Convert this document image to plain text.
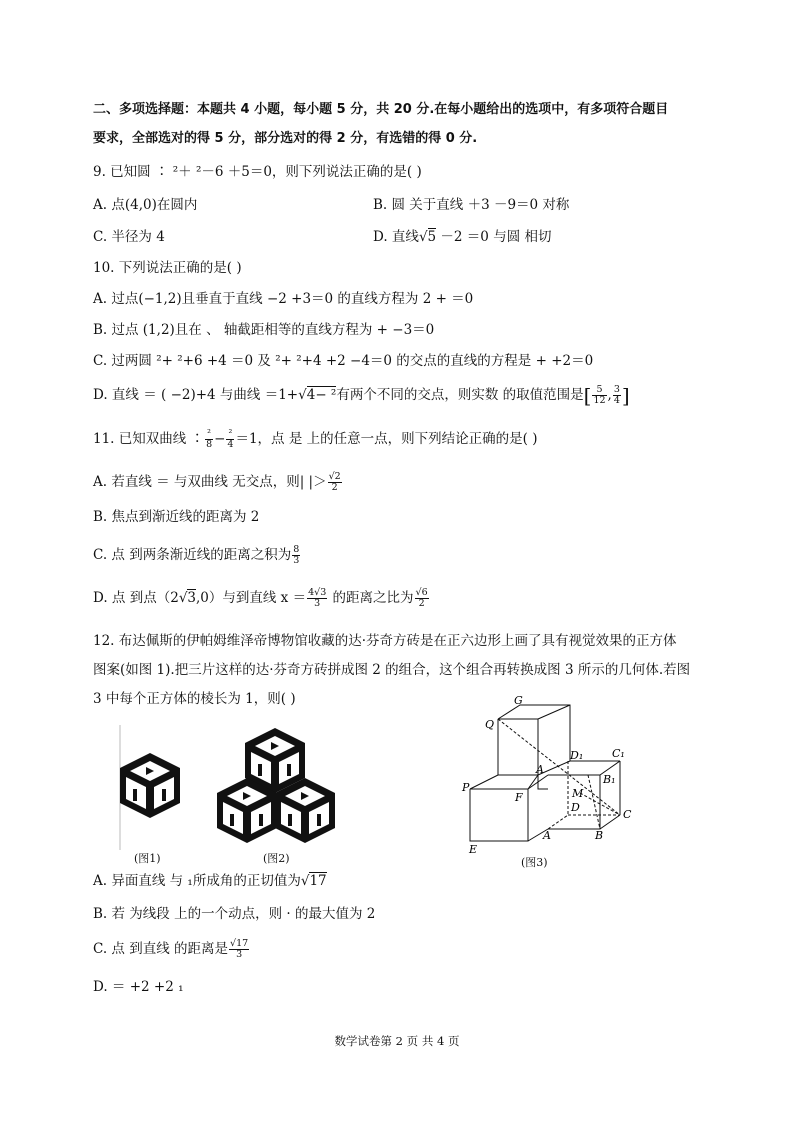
二、多项选择题：本题共 4 小题，每小题 5 分，共 20 分.在每小题给出的选项中，有多项符合题目
要求，全部选对的得 5 分，部分选对的得 2 分，有选错的得 0 分.
9. 已知圆 ∶ ²＋ ²－6 ＋5＝0，则下列说法正确的是( )
A. 点(4,0)在圆内	B. 圆 关于直线 ＋3 －9＝0 对称
C. 半径为 4	D. 直线√5 －2 ＝0 与圆 相切
10. 下列说法正确的是( )
A. 过点(−1,2)且垂直于直线 −2 +3＝0 的直线方程为 2 + ＝0
B. 过点 (1,2)且在 、 轴截距相等的直线方程为 + −3＝0
C. 过两圆 ²+ ²+6 +4 ＝0 及 ²+ ²+4 +2 −4＝0 的交点的直线的方程是 + +2＝0
D. 直线 ＝ ( −2)+4 与曲线 ＝1+√4− ²有两个不同的交点，则实数 的取值范围是[ $\frac{5}{12}$ , $\frac{3}{4}$ ]
11. 已知双曲线 ∶ $\frac{\text{²}}{8} - \frac{\text{²}}{4} =1$，点 是 上的任意一点，则下列结论正确的是( )
A. 若直线 ＝ 与双曲线 无交点，则| |＞ $\frac{√2}{2}$
B. 焦点到渐近线的距离为 2
C. 点 到两条渐近线的距离之积为 $\frac{8}{3}$
D. 点 到点（2√3,0）与到直线 $x = \frac{4√3}{3}$ 的距离之比为 $\frac{√6}{2}$
12. 布达佩斯的伊帕姆维泽帝博物馆收藏的达·芬奇方砖是在正六边形上画了具有视觉效果的正方体
图案(如图 1).把三片这样的达·芬奇方砖拼成图 2 的组合，这个组合再转换成图 3 所示的几何体.若图
3 中每个正方体的棱长为 1，则( )
(图1)	(图2)
G
Q
D₁	C₁
A
B₁
P
F	M
D
C
E
A	B
(图3)
A. 异面直线 与 ₁所成角的正切值为√17
B. 若 为线段 上的一个动点，则 · 的最大值为 2
C. 点 到直线 的距离是 $\frac{√17}{3}$
D. ＝ +2 +2 ₁
数学试卷第 2 页 共 4 页
